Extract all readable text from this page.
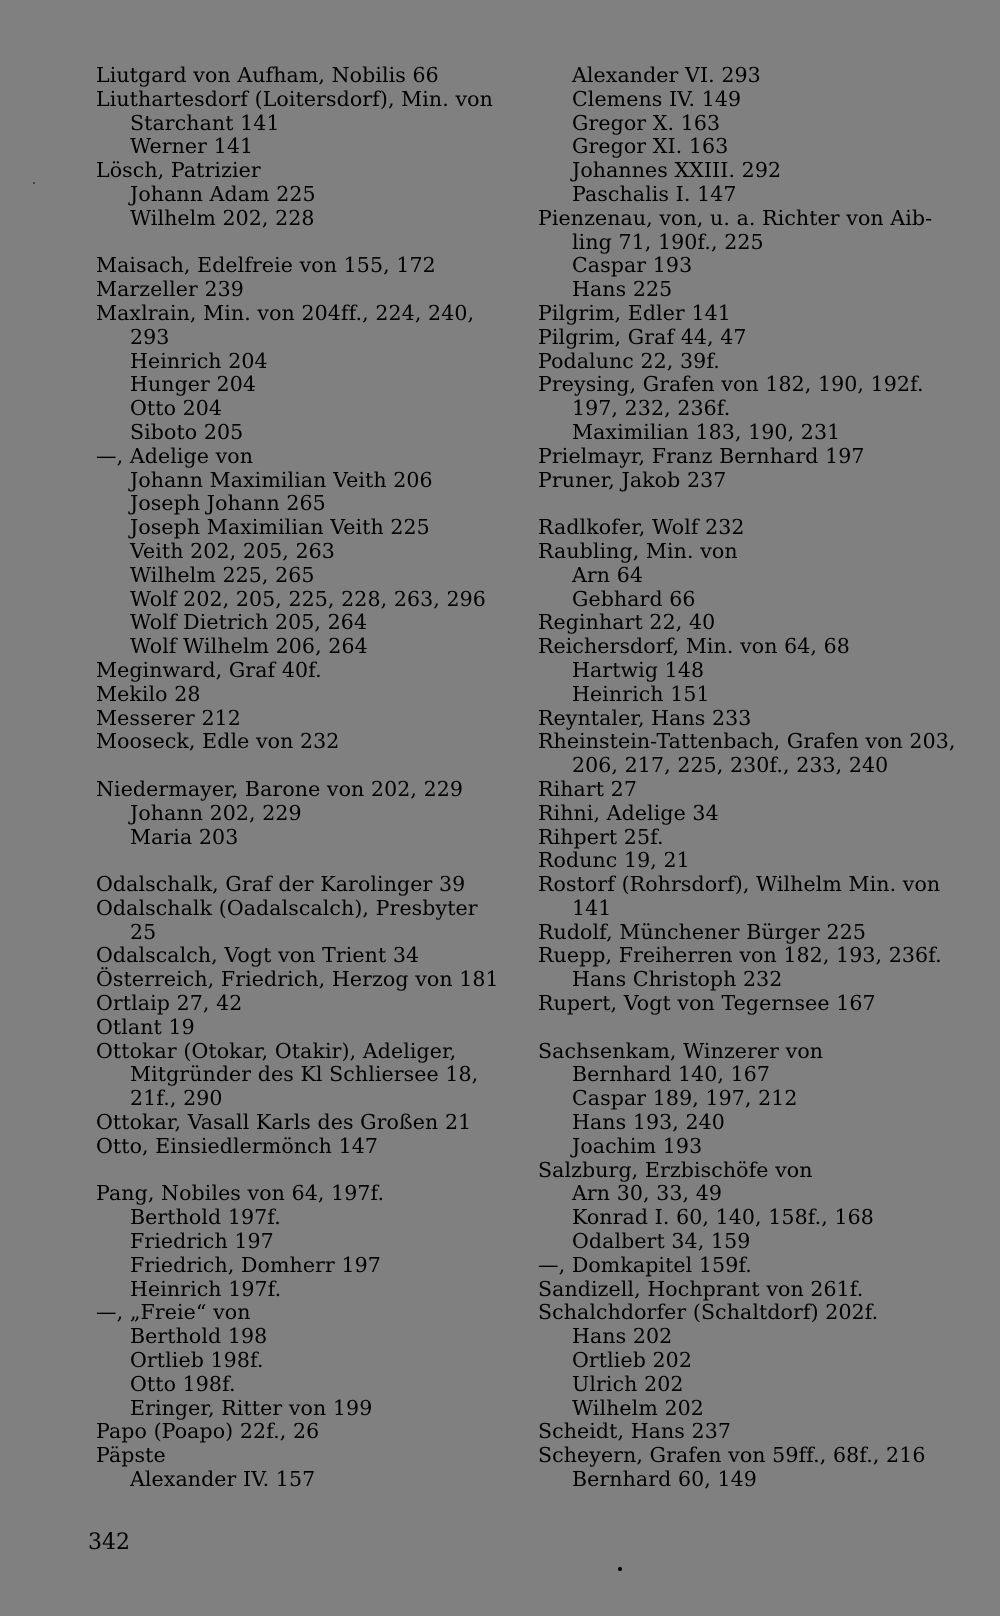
Liutgard von Aufham, Nobilis 66
Liuthartesdorf (Loitersdorf), Min. von
Starchant 141
Werner 141
Lösch, Patrizier
Johann Adam 225
Wilhelm 202, 228
Maisach, Edelfreie von 155, 172
Marzeller 239
Maxlrain, Min. von 204ff., 224, 240,
293
Heinrich 204
Hunger 204
Otto 204
Siboto 205
—, Adelige von
Johann Maximilian Veith 206
Joseph Johann 265
Joseph Maximilian Veith 225
Veith 202, 205, 263
Wilhelm 225, 265
Wolf 202, 205, 225, 228, 263, 296
Wolf Dietrich 205, 264
Wolf Wilhelm 206, 264
Meginward, Graf 40f.
Mekilo 28
Messerer 212
Mooseck, Edle von 232
Niedermayer, Barone von 202, 229
Johann 202, 229
Maria 203
Odalschalk, Graf der Karolinger 39
Odalschalk (Oadalscalch), Presbyter
25
Odalscalch, Vogt von Trient 34
Österreich, Friedrich, Herzog von 181
Ortlaip 27, 42
Otlant 19
Ottokar (Otokar, Otakir), Adeliger,
Mitgründer des Kl Schliersee 18,
21f., 290
Ottokar, Vasall Karls des Großen 21
Otto, Einsiedlermönch 147
Pang, Nobiles von 64, 197f.
Berthold 197f.
Friedrich 197
Friedrich, Domherr 197
Heinrich 197f.
—, „Freie“ von
Berthold 198
Ortlieb 198f.
Otto 198f.
Eringer, Ritter von 199
Papo (Poapo) 22f., 26
Päpste
Alexander IV. 157
Alexander VI. 293
Clemens IV. 149
Gregor X. 163
Gregor XI. 163
Johannes XXIII. 292
Paschalis I. 147
Pienzenau, von, u. a. Richter von Aib-
ling 71, 190f., 225
Caspar 193
Hans 225
Pilgrim, Edler 141
Pilgrim, Graf 44, 47
Podalunc 22, 39f.
Preysing, Grafen von 182, 190, 192f.
197, 232, 236f.
Maximilian 183, 190, 231
Prielmayr, Franz Bernhard 197
Pruner, Jakob 237
Radlkofer, Wolf 232
Raubling, Min. von
Arn 64
Gebhard 66
Reginhart 22, 40
Reichersdorf, Min. von 64, 68
Hartwig 148
Heinrich 151
Reyntaler, Hans 233
Rheinstein-Tattenbach, Grafen von 203,
206, 217, 225, 230f., 233, 240
Rihart 27
Rihni, Adelige 34
Rihpert 25f.
Rodunc 19, 21
Rostorf (Rohrsdorf), Wilhelm Min. von
141
Rudolf, Münchener Bürger 225
Ruepp, Freiherren von 182, 193, 236f.
Hans Christoph 232
Rupert, Vogt von Tegernsee 167
Sachsenkam, Winzerer von
Bernhard 140, 167
Caspar 189, 197, 212
Hans 193, 240
Joachim 193
Salzburg, Erzbischöfe von
Arn 30, 33, 49
Konrad I. 60, 140, 158f., 168
Odalbert 34, 159
—, Domkapitel 159f.
Sandizell, Hochprant von 261f.
Schalchdorfer (Schaltdorf) 202f.
Hans 202
Ortlieb 202
Ulrich 202
Wilhelm 202
Scheidt, Hans 237
Scheyern, Grafen von 59ff., 68f., 216
Bernhard 60, 149
342
